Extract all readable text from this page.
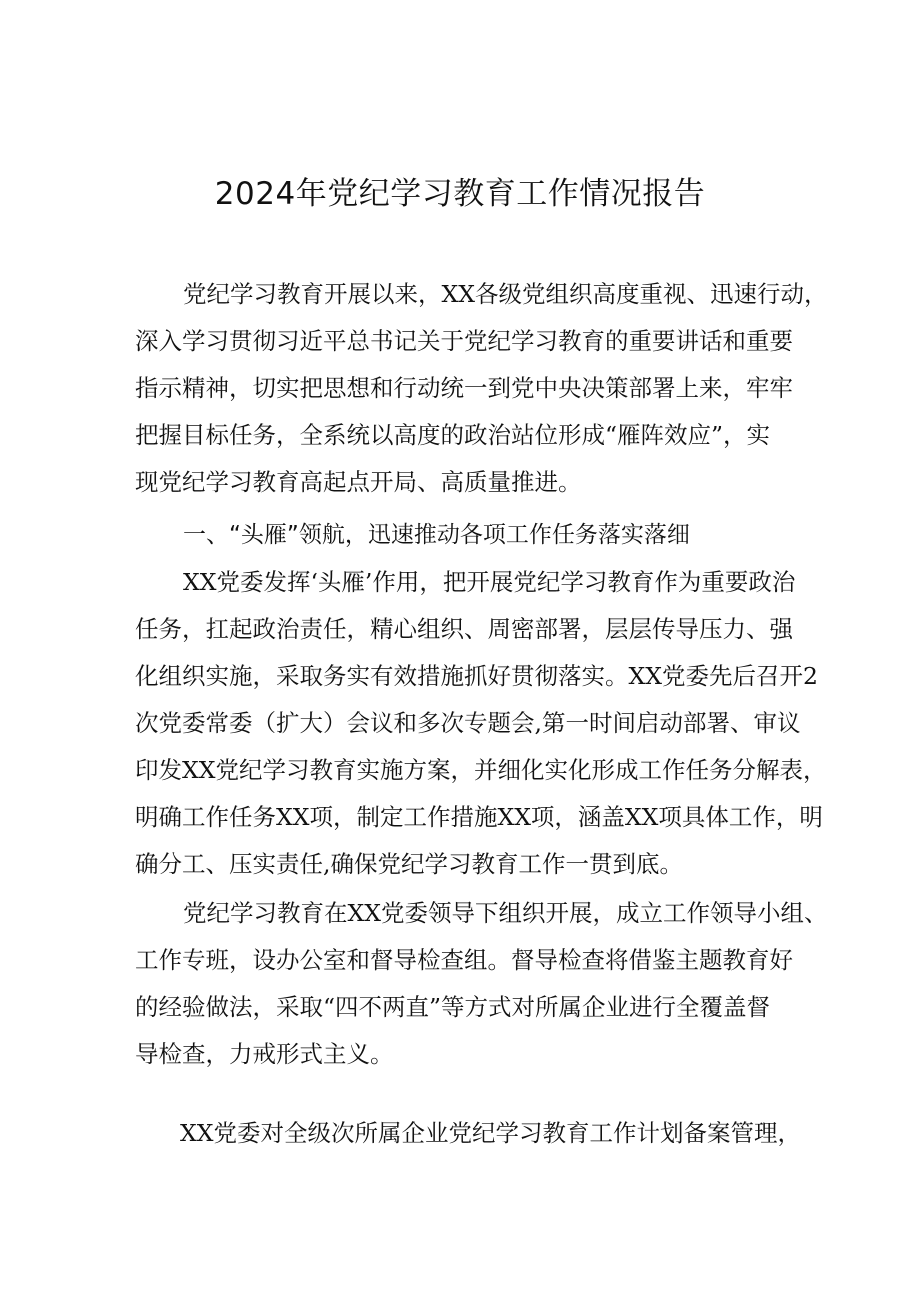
2024年党纪学习教育工作情况报告

党纪学习教育开展以来，XX各级党组织高度重视、迅速行动，

深入学习贯彻习近平总书记关于党纪学习教育的重要讲话和重要

指示精神，切实把思想和行动统一到党中央决策部署上来，牢牢

把握目标任务，全系统以高度的政治站位形成“雁阵效应”，实

现党纪学习教育高起点开局、高质量推进。

一、“头雁”领航，迅速推动各项工作任务落实落细

XX党委发挥‘头雁’作用，把开展党纪学习教育作为重要政治

任务，扛起政治责任，精心组织、周密部署，层层传导压力、强

化组织实施，采取务实有效措施抓好贯彻落实。XX党委先后召开2

次党委常委（扩大）会议和多次专题会,第一时间启动部署、审议

印发XX党纪学习教育实施方案，并细化实化形成工作任务分解表，

明确工作任务XX项，制定工作措施XX项，涵盖XX项具体工作，明

确分工、压实责任,确保党纪学习教育工作一贯到底。

党纪学习教育在XX党委领导下组织开展，成立工作领导小组、

工作专班，设办公室和督导检查组。督导检查将借鉴主题教育好

的经验做法，采取“四不两直”等方式对所属企业进行全覆盖督

导检查，力戒形式主义。

XX党委对全级次所属企业党纪学习教育工作计划备案管理，
